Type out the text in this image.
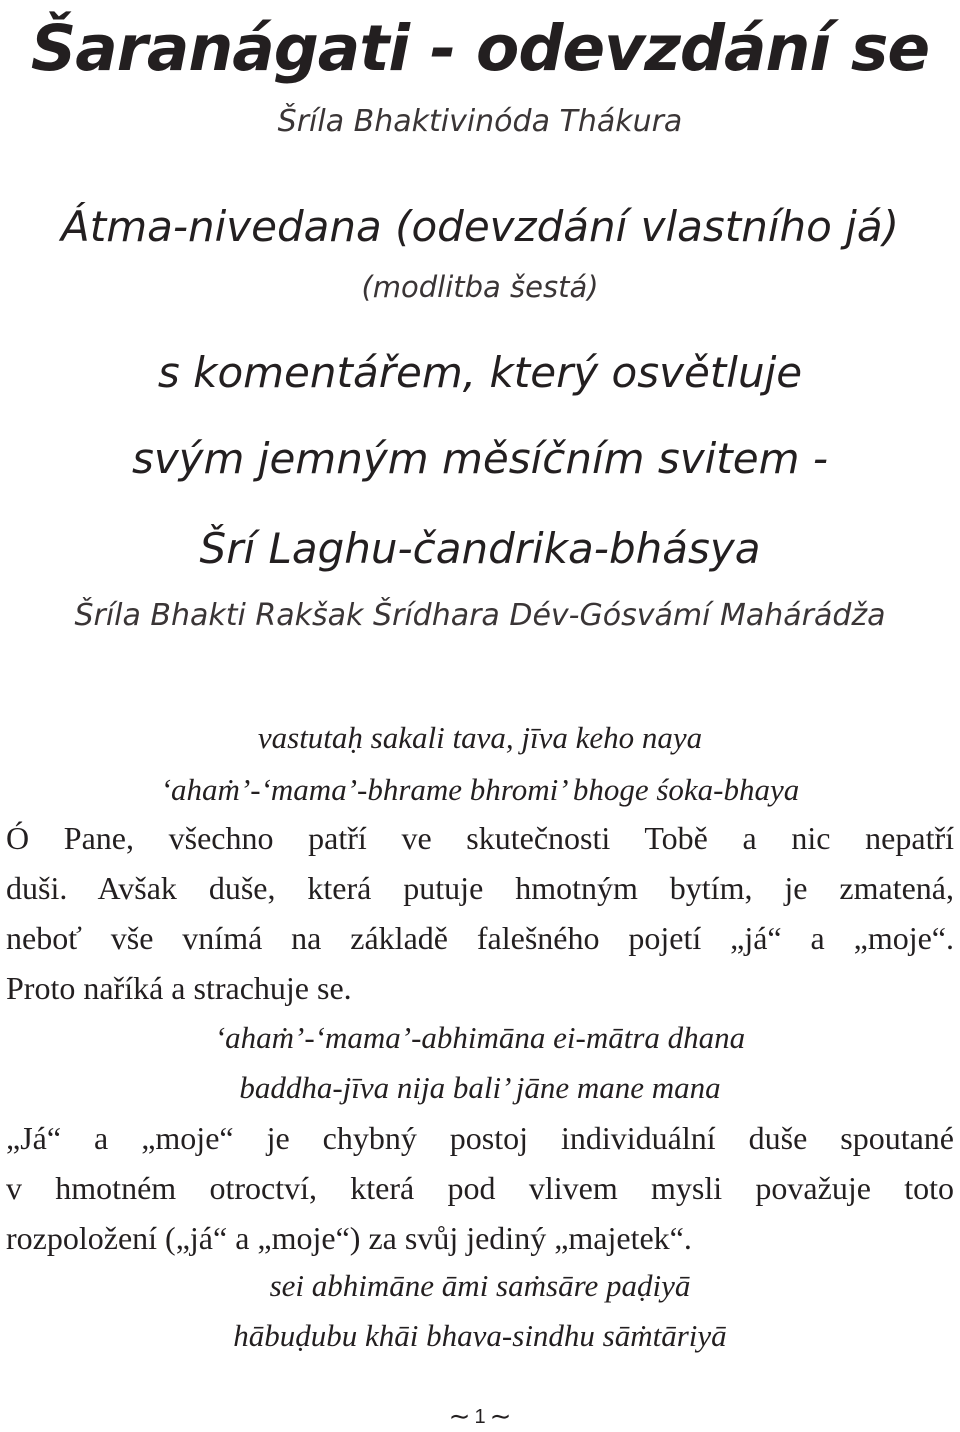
Šaranágati - odevzdání se
Šríla Bhaktivinóda Thákura
Átma-nivedana (odevzdání vlastního já)
(modlitba šestá)
s komentářem, který osvětluje
svým jemným měsíčním svitem -
Šrí Laghu-čandrika-bhásya
Šríla Bhakti Rakšak Šrídhara Dév-Gósvámí Mahárádža
vastutaḥ sakali tava, jīva keho naya
‘ahaṁ’-‘mama’-bhrame bhromi’ bhoge śoka-bhaya
Ó Pane, všechno patří ve skutečnosti Tobě a nic nepatří
duši. Avšak duše, která putuje hmotným bytím, je zmatená,
neboť vše vnímá na základě falešného pojetí „já“ a „moje“.
Proto naříká a strachuje se.
‘ahaṁ’-‘mama’-abhimāna ei-mātra dhana
baddha-jīva nija bali’ jāne mane mana
„Já“ a „moje“ je chybný postoj individuální duše spoutané
v hmotném otroctví, která pod vlivem mysli považuje toto
rozpoložení („já“ a „moje“) za svůj jediný „majetek“.
sei abhimāne āmi saṁsāre paḍiyā
hābuḍubu khāi bhava-sindhu sāṁtāriyā
∼ 1 ∼
